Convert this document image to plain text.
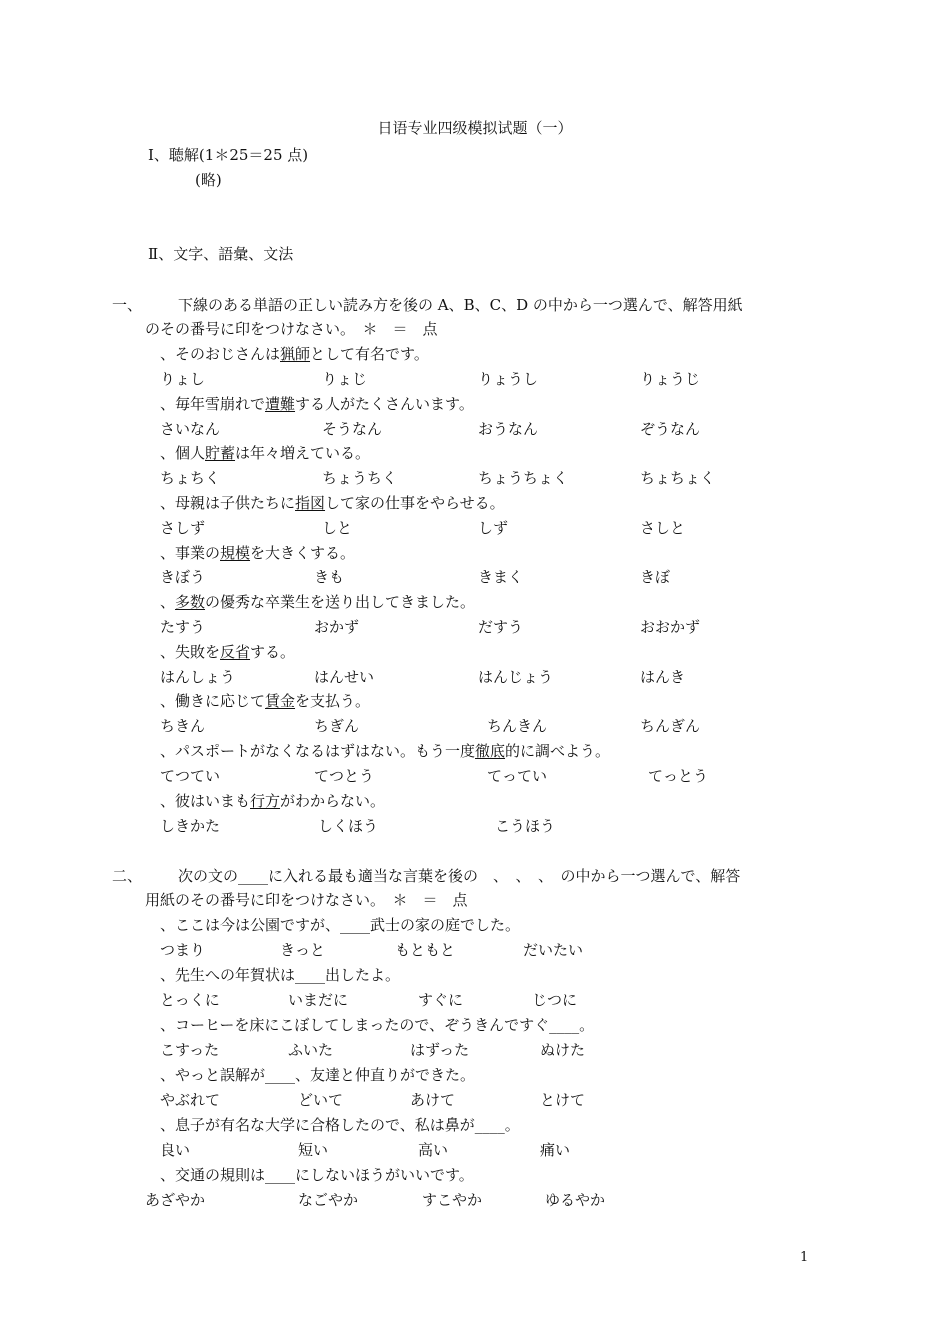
日语专业四级模拟试题（一）
Ⅰ、聴解(1＊25＝25 点)
(略)
Ⅱ、文字、語彙、文法
一、 下線のある単語の正しい読み方を後の A、B、C、D の中から一つ選んで、解答用紙
のその番号に印をつけなさい。　＊　＝　点
、そのおじさんは猟師として有名です。
りょし	りょじ	りょうし	りょうじ
、毎年雪崩れで遭難する人がたくさんいます。
さいなん	そうなん	おうなん	ぞうなん
、個人貯蓄は年々増えている。
ちょちく	ちょうちく	ちょうちょく	ちょちょく
、母親は子供たちに指図して家の仕事をやらせる。
さしず	しと	しず	さしと
、事業の規模を大きくする。
きぼう	きも	きまく	きぼ
、多数の優秀な卒業生を送り出してきました。
たすう	おかず	だすう	おおかず
、失敗を反省する。
はんしょう	はんせい	はんじょう	はんき
、働きに応じて賃金を支払う。
ちきん	ちぎん	ちんきん	ちんぎん
、パスポートがなくなるはずはない。もう一度徹底的に調べよう。
てつてい	てつとう	てってい	てっとう
、彼はいまも行方がわからない。
しきかた	しくほう	こうほう
二、 次の文の____に入れる最も適当な言葉を後の　、　、　、　の中から一つ選んで、解答
用紙のその番号に印をつけなさい。　＊　＝　点
、ここは今は公園ですが、____武士の家の庭でした。
つまり	きっと	もともと	だいたい
、先生への年賀状は____出したよ。
とっくに	いまだに	すぐに	じつに
、コーヒーを床にこぼしてしまったので、ぞうきんですぐ____。
こすった	ふいた	はずった	ぬけた
、やっと誤解が____、友達と仲直りができた。
やぶれて	どいて	あけて	とけて
、息子が有名な大学に合格したので、私は鼻が____。
良い	短い	高い	痛い
、交通の規則は____にしないほうがいいです。
あざやか	なごやか	すこやか	ゆるやか
1
